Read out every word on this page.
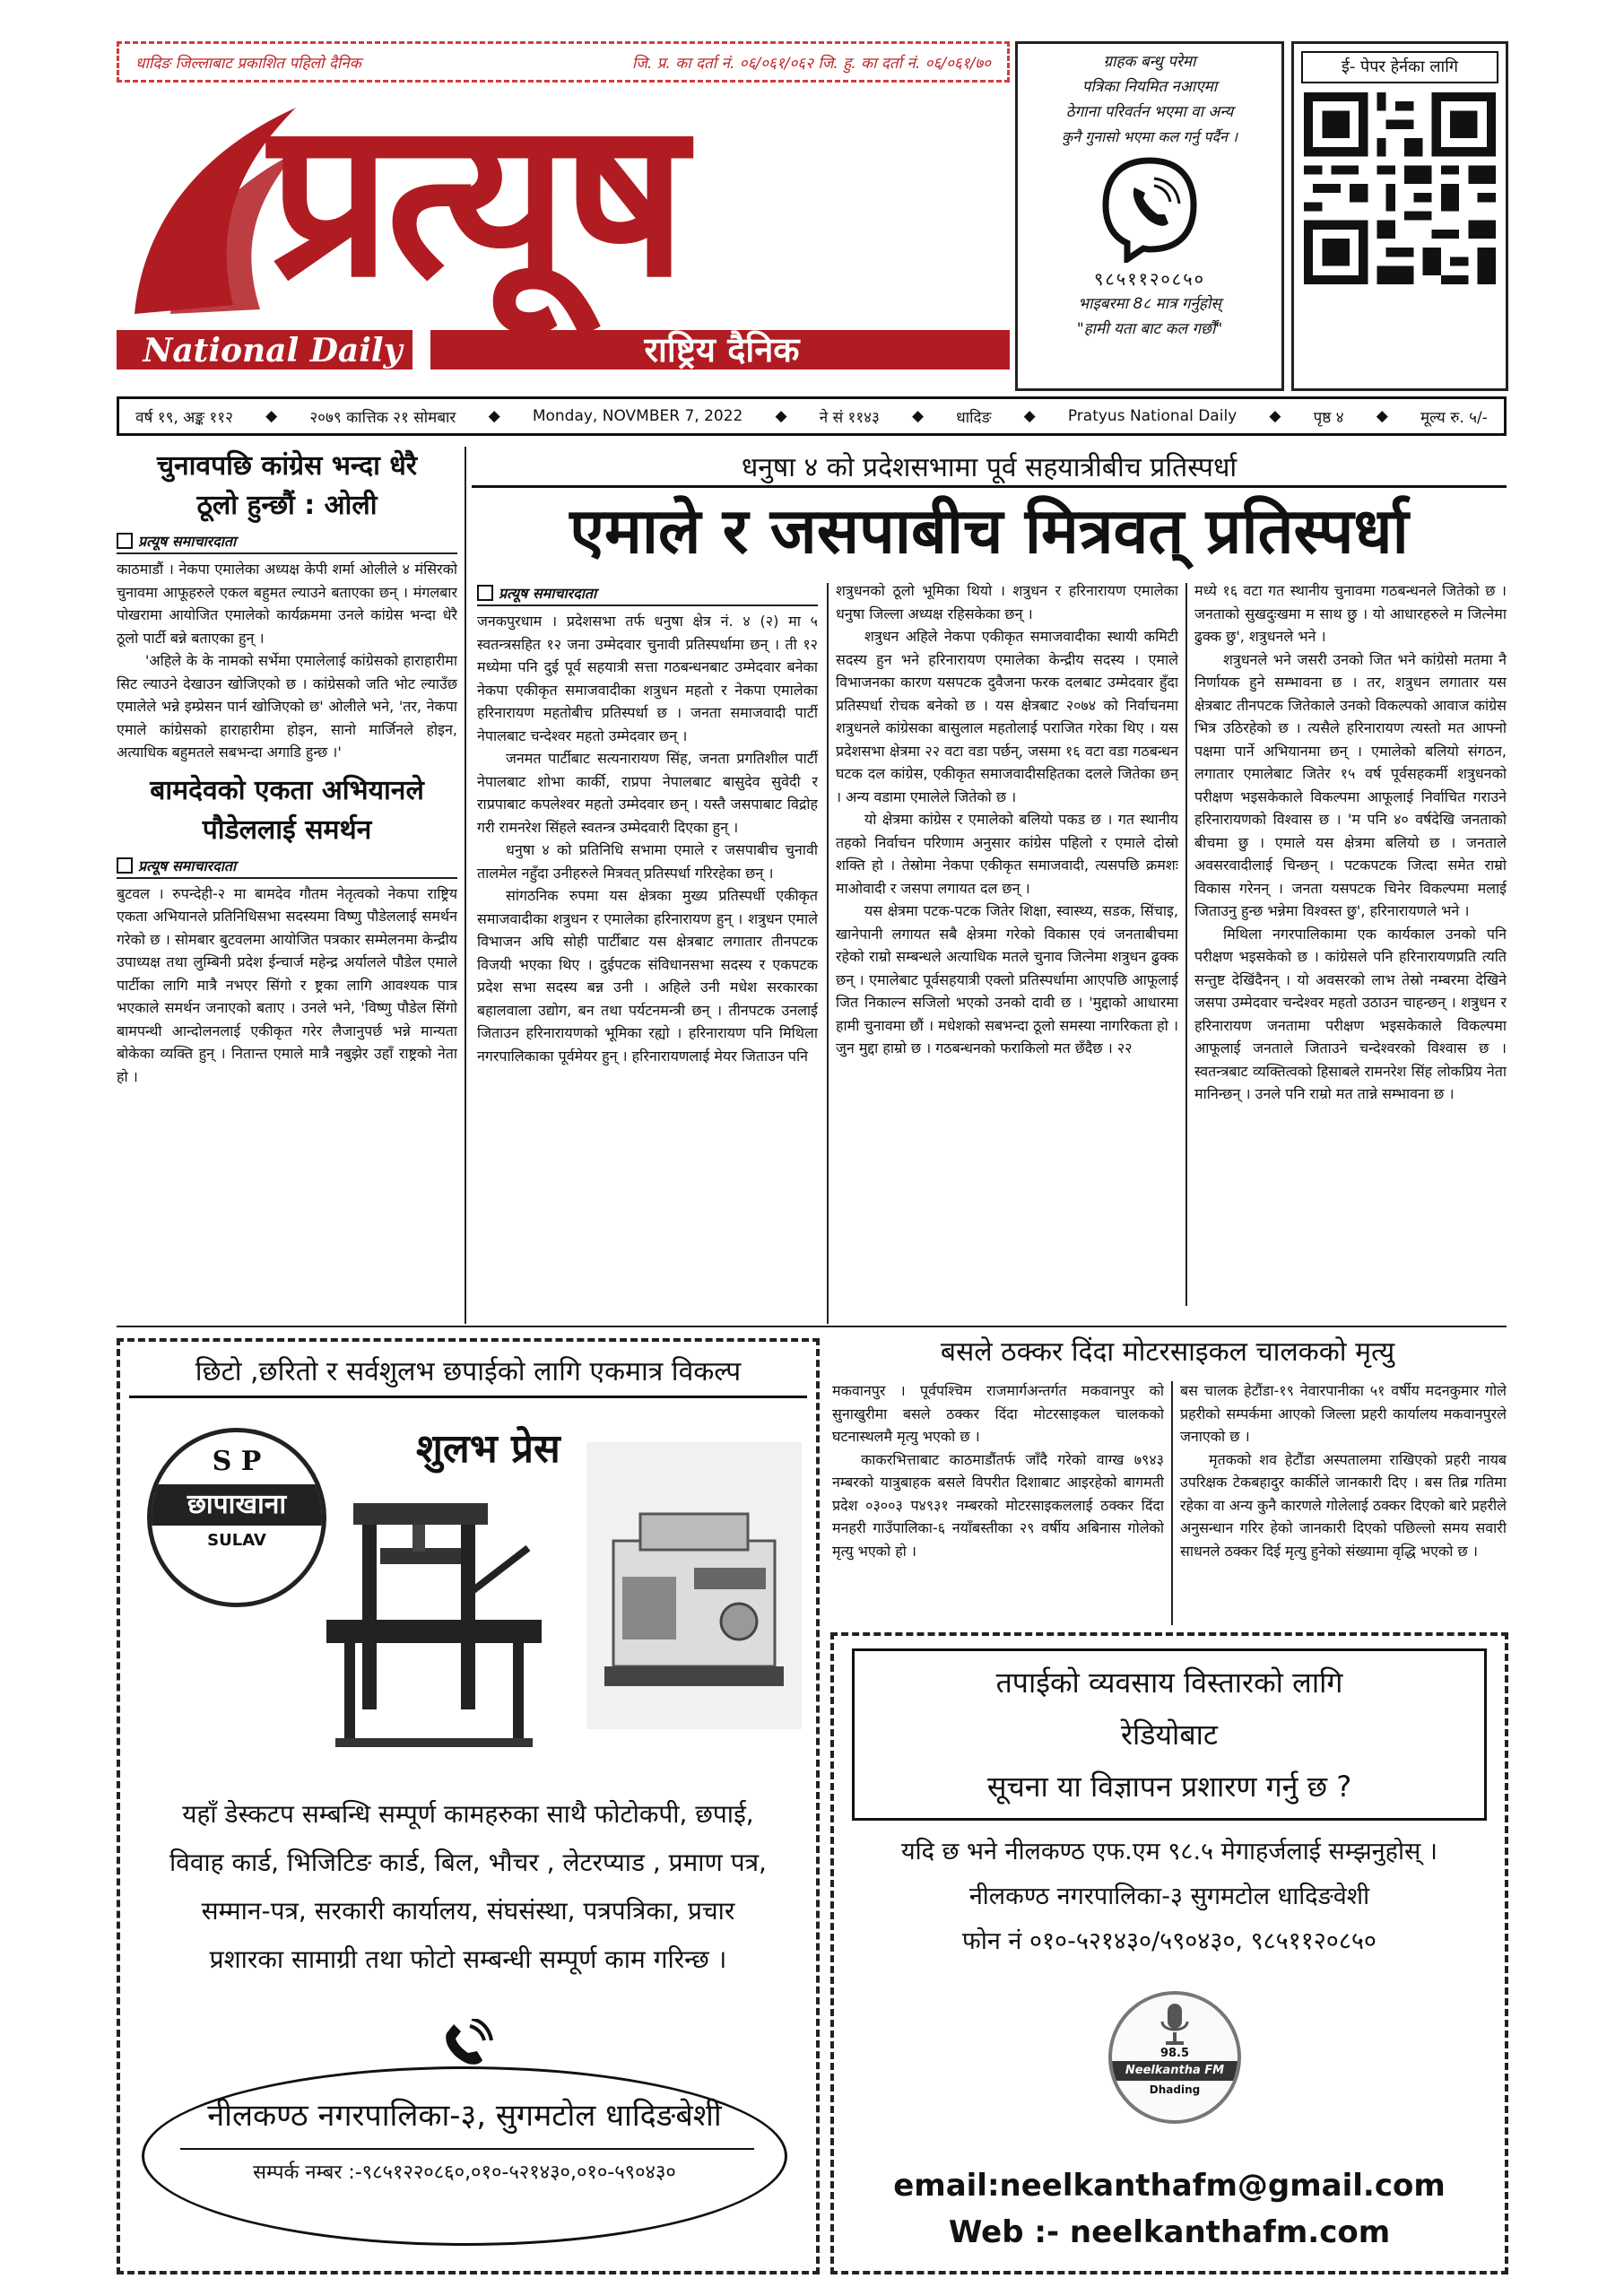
धादिङ जिल्लाबाट प्रकाशित पहिलो दैनिक	जि. प्र. का दर्ता नं. ०६/०६१/०६२ जि. हु. का दर्ता नं. ०६/०६१/७०
प्रत्यूष
National Daily	राष्ट्रिय दैनिक
ग्राहक बन्धु परेमा
पत्रिका नियमित नआएमा
ठेगाना परिवर्तन भएमा वा अन्य
कुनै गुनासो भएमा कल गर्नु पर्दैन ।
९८५११२०८५०
भाइबरमा 8८ मात्र गर्नुहोस्
"हामी यता बाट कल गर्छौं"
ई- पेपर हेर्नका लागि
वर्ष १९, अङ्क ११२ ◆ २०७९ कात्तिक २१ सोमबार ◆ Monday, NOVMBER 7, 2022 ◆ ने सं ११४३ ◆ धादिङ ◆ Pratyus National Daily ◆ पृष्ठ ४ ◆ मूल्य रु. ५/-
चुनावपछि कांग्रेस भन्दा धेरै
ठूलो हुन्छौं : ओली
प्रत्यूष समाचारदाता

काठमाडौं । नेकपा एमालेका अध्यक्ष केपी शर्मा ओलीले ४ मंसिरको चुनावमा आफूहरुले एकल बहुमत ल्याउने बताएका छन् । मंगलबार पोखरामा आयोजित एमालेको कार्यक्रममा उनले कांग्रेस भन्दा धेरै ठूलो पार्टी बन्ने बताएका हुन् ।

'अहिले के के नामको सर्भेमा एमालेलाई कांग्रेसको हाराहारीमा सिट ल्याउने देखाउन खोजिएको छ । कांग्रेसको जति भोट ल्याउँछ एमालेले भन्ने इम्प्रेसन पार्न खोजिएको छ' ओलीले भने, 'तर, नेकपा एमाले कांग्रेसको हाराहारीमा होइन, सानो मार्जिनले होइन, अत्याधिक बहुमतले सबभन्दा अगाडि हुन्छ ।'

बामदेवको एकता अभियानले
पौडेललाई समर्थन
प्रत्यूष समाचारदाता

बुटवल । रुपन्देही-२ मा बामदेव गौतम नेतृत्वको नेकपा राष्ट्रिय एकता अभियानले प्रतिनिधिसभा सदस्यमा विष्णु पौडेललाई समर्थन गरेको छ । सोमबार बुटवलमा आयोजित पत्रकार सम्मेलनमा केन्द्रीय उपाध्यक्ष तथा लुम्बिनी प्रदेश ईन्चार्ज महेन्द्र अर्यालले पौडेल एमाले पार्टीका लागि मात्रै नभएर सिंगो र ष्ट्रका लागि आवश्यक पात्र भएकाले समर्थन जनाएको बताए । उनले भने, 'विष्णु पौडेल सिंगो बामपन्थी आन्दोलनलाई एकीकृत गरेर लैजानुपर्छ भन्ने मान्यता बोकेका व्यक्ति हुन् । नितान्त एमाले मात्रै नबुझेर उहाँ राष्ट्रको नेता हो ।

धनुषा ४ को प्रदेशसभामा पूर्व सहयात्रीबीच प्रतिस्पर्धा
एमाले र जसपाबीच मित्रवत् प्रतिस्पर्धा
प्रत्यूष समाचारदाता

जनकपुरधाम । प्रदेशसभा तर्फ धनुषा क्षेत्र नं. ४ (२) मा ५ स्वतन्त्रसहित १२ जना उम्मेदवार चुनावी प्रतिस्पर्धामा छन् । ती १२ मध्येमा पनि दुई पूर्व सहयात्री सत्ता गठबन्धनबाट उम्मेदवार बनेका नेकपा एकीकृत समाजवादीका शत्रुधन महतो र नेकपा एमालेका हरिनारायण महतोबीच प्रतिस्पर्धा छ । जनता समाजवादी पार्टी नेपालबाट चन्देश्वर महतो उम्मेदवार छन् ।

जनमत पार्टीबाट सत्यनारायण सिंह, जनता प्रगतिशील पार्टी नेपालबाट शोभा कार्की, राप्रपा नेपालबाट बासुदेव सुवेदी र राप्रपाबाट कपलेश्वर महतो उम्मेदवार छन् । यस्तै जसपाबाट विद्रोह गरी रामनरेश सिंहले स्वतन्त्र उम्मेदवारी दिएका हुन् ।

धनुषा ४ को प्रतिनिधि सभामा एमाले र जसपाबीच चुनावी तालमेल नहुँदा उनीहरुले मित्रवत् प्रतिस्पर्धा गरिरहेका छन् ।

सांगठनिक रुपमा यस क्षेत्रका मुख्य प्रतिस्पर्धी एकीकृत समाजवादीका शत्रुधन र एमालेका हरिनारायण हुन् । शत्रुधन एमाले विभाजन अघि सोही पार्टीबाट यस क्षेत्रबाट लगातार तीनपटक विजयी भएका थिए । दुईपटक संविधानसभा सदस्य र एकपटक प्रदेश सभा सदस्य बन्न उनी । अहिले उनी मधेश सरकारका बहालवाला उद्योग, बन तथा पर्यटनमन्त्री छन् । तीनपटक उनलाई जिताउन हरिनारायणको भूमिका रह्यो । हरिनारायण पनि मिथिला नगरपालिकाका पूर्वमेयर हुन् । हरिनारायणलाई मेयर जिताउन पनि

शत्रुधनको ठूलो भूमिका थियो । शत्रुधन र हरिनारायण एमालेका धनुषा जिल्ला अध्यक्ष रहिसकेका छन् ।

शत्रुधन अहिले नेकपा एकीकृत समाजवादीका स्थायी कमिटी सदस्य हुन भने हरिनारायण एमालेका केन्द्रीय सदस्य । एमाले विभाजनका कारण यसपटक दुवैजना फरक दलबाट उम्मेदवार हुँदा प्रतिस्पर्धा रोचक बनेको छ । यस क्षेत्रबाट २०७४ को निर्वाचनमा शत्रुधनले कांग्रेसका बासुलाल महतोलाई पराजित गरेका थिए । यस प्रदेशसभा क्षेत्रमा २२ वटा वडा पर्छन्, जसमा १६ वटा वडा गठबन्धन घटक दल कांग्रेस, एकीकृत समाजवादीसहितका दलले जितेका छन् । अन्य वडामा एमालेले जितेको छ ।

यो क्षेत्रमा कांग्रेस र एमालेको बलियो पकड छ । गत स्थानीय तहको निर्वाचन परिणाम अनुसार कांग्रेस पहिलो र एमाले दोस्रो शक्ति हो । तेस्रोमा नेकपा एकीकृत समाजवादी, त्यसपछि क्रमशः माओवादी र जसपा लगायत दल छन् ।

यस क्षेत्रमा पटक-पटक जितेर शिक्षा, स्वास्थ्य, सडक, सिंचाइ, खानेपानी लगायत सबै क्षेत्रमा गरेको विकास एवं जनताबीचमा रहेको राम्रो सम्बन्धले अत्याधिक मतले चुनाव जित्नेमा शत्रुधन ढुक्क छन् । एमालेबाट पूर्वसहयात्री एक्लो प्रतिस्पर्धामा आएपछि आफूलाई जित निकाल्न सजिलो भएको उनको दावी छ । 'मुद्दाको आधारमा हामी चुनावमा छौं । मधेशको सबभन्दा ठूलो समस्या नागरिकता हो । जुन मुद्दा हाम्रो छ । गठबन्धनको फराकिलो मत छँदैछ । २२

मध्ये १६ वटा गत स्थानीय चुनावमा गठबन्धनले जितेको छ । जनताको सुखदुःखमा म साथ छु । यो आधारहरुले म जित्नेमा ढुक्क छु', शत्रुधनले भने ।

शत्रुधनले भने जसरी उनको जित भने कांग्रेसो मतमा नै निर्णायक हुने सम्भावना छ । तर, शत्रुधन लगातार यस क्षेत्रबाट तीनपटक जितेकाले उनको विकल्पको आवाज कांग्रेस भित्र उठिरहेको छ । त्यसैले हरिनारायण त्यस्तो मत आफ्नो पक्षमा पार्ने अभियानमा छन् । एमालेको बलियो संगठन, लगातार एमालेबाट जितेर १५ वर्ष पूर्वसहकर्मी शत्रुधनको परीक्षण भइसकेकाले विकल्पमा आफूलाई निर्वाचित गराउने हरिनारायणको विश्वास छ । 'म पनि ४० वर्षदेखि जनताको बीचमा छु । एमाले यस क्षेत्रमा बलियो छ । जनताले अवसरवादीलाई चिन्छन् । पटकपटक जित्दा समेत राम्रो विकास गरेनन् । जनता यसपटक चिनेर विकल्पमा मलाई जिताउनु हुन्छ भन्नेमा विश्वस्त छु', हरिनारायणले भने ।

मिथिला नगरपालिकामा एक कार्यकाल उनको पनि परीक्षण भइसकेको छ । कांग्रेसले पनि हरिनारायणप्रति त्यति सन्तुष्ट देखिंदैनन् । यो अवसरको लाभ तेस्रो नम्बरमा देखिने जसपा उम्मेदवार चन्देश्वर महतो उठाउन चाहन्छन् । शत्रुधन र हरिनारायण जनतामा परीक्षण भइसकेकाले विकल्पमा आफूलाई जनताले जिताउने चन्देश्वरको विश्वास छ । स्वतन्त्रबाट व्यक्तित्वको हिसाबले रामनरेश सिंह लोकप्रिय नेता मानिन्छन् । उनले पनि राम्रो मत तान्ने सम्भावना छ ।

छिटो ,छरितो र सर्वशुलभ छपाईको लागि एकमात्र विकल्प
शुलभ प्रेस
S P
छापाखाना
SULAV
यहाँ डेस्कटप सम्बन्धि सम्पूर्ण कामहरुका साथै फोटोकपी, छपाई,
विवाह कार्ड, भिजिटिङ कार्ड, बिल, भौचर , लेटरप्याड , प्रमाण पत्र,
सम्मान-पत्र, सरकारी कार्यालय, संघसंस्था, पत्रपत्रिका, प्रचार
प्रशारका सामाग्री तथा फोटो सम्बन्धी सम्पूर्ण काम गरिन्छ ।
नीलकण्ठ नगरपालिका-३, सुगमटोल धादिङबेशी
सम्पर्क नम्बर :-९८५१२२०८६०,०१०-५२१४३०,०१०-५९०४३०
बसले ठक्कर दिंदा मोटरसाइकल चालकको मृत्यु

मकवानपुर । पूर्वपश्चिम राजमार्गअन्तर्गत मकवानपुर को सुनाखुरीमा बसले ठक्कर दिंदा मोटरसाइकल चालकको घटनास्थलमै मृत्यु भएको छ ।

काकरभित्ताबाट काठमाडौंतर्फ जाँदै गरेको वाग्ख ७९४३ नम्बरको यात्रुबाहक बसले विपरीत दिशाबाट आइरहेको बागमती प्रदेश ०३००३ प४९३१ नम्बरको मोटरसाइकललाई ठक्कर दिंदा मनहरी गाउँपालिका-६ नयाँबस्तीका २९ वर्षीय अबिनास गोलेको मृत्यु भएको हो ।

बस चालक हेटौंडा-१९ नेवारपानीका ५१ वर्षीय मदनकुमार गोले प्रहरीको सम्पर्कमा आएको जिल्ला प्रहरी कार्यालय मकवानपुरले जनाएको छ ।

मृतकको शव हेटौंडा अस्पतालमा राखिएको प्रहरी नायब उपरिक्षक टेकबहादुर कार्कीले जानकारी दिए । बस तिब्र गतिमा रहेका वा अन्य कुनै कारणले गोलेलाई ठक्कर दिएको बारे प्रहरीले अनुसन्धान गरिर हेको जानकारी दिएको पछिल्लो समय सवारी साधनले ठक्कर दिई मृत्यु हुनेको संख्यामा वृद्धि भएको छ ।

तपाईको व्यवसाय विस्तारको लागि
रेडियोबाट
सूचना या विज्ञापन प्रशारण गर्नु छ ?
यदि छ भने नीलकण्ठ एफ.एम ९८.५ मेगाहर्जलाई सम्झनुहोस् ।
नीलकण्ठ नगरपालिका-३ सुगमटोल धादिङवेशी
फोन नं ०१०-५२१४३०/५९०४३०, ९८५११२०८५०
98.5
Neelkantha FM
Dhading
email:neelkanthafm@gmail.com
Web :- neelkanthafm.com
